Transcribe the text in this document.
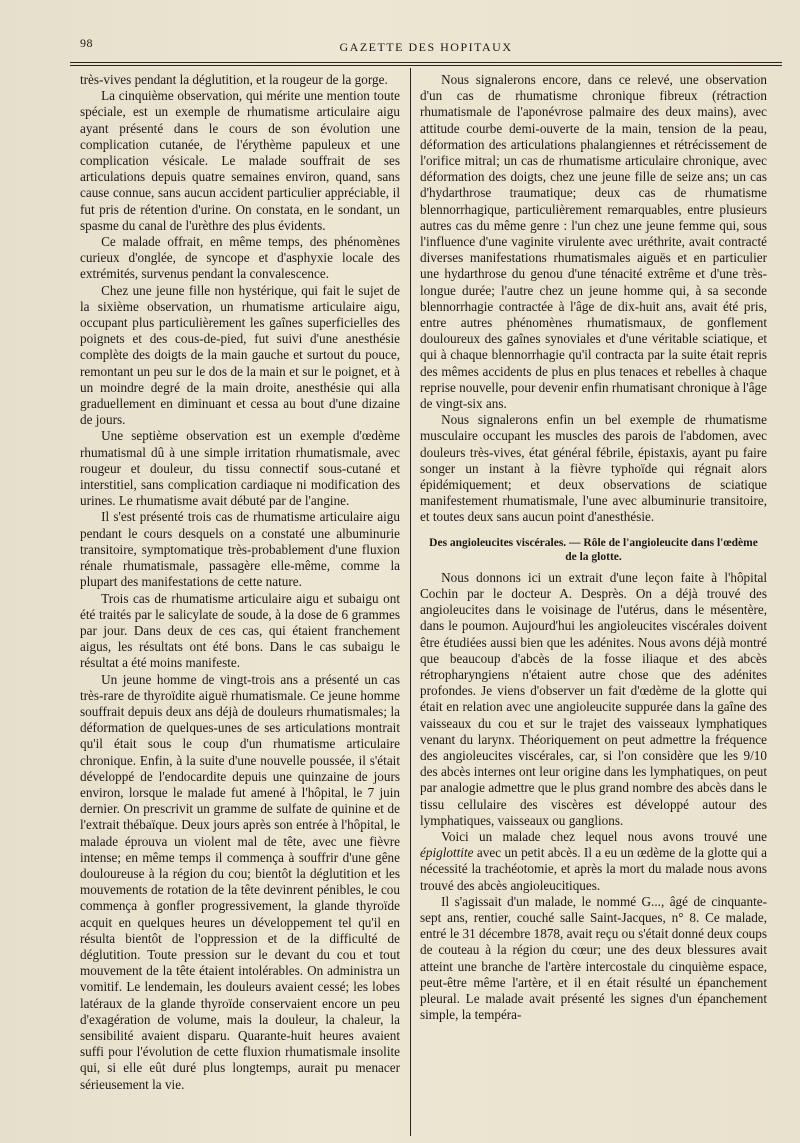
98	GAZETTE DES HOPITAUX

très-vives pendant la déglutition, et la rougeur de la gorge.

La cinquième observation, qui mérite une mention toute spéciale, est un exemple de rhumatisme articulaire aigu ayant présenté dans le cours de son évolution une complication cutanée, de l'érythème papuleux et une complication vésicale. Le malade souffrait de ses articulations depuis quatre semaines environ, quand, sans cause connue, sans aucun accident particulier appréciable, il fut pris de rétention d'urine. On constata, en le sondant, un spasme du canal de l'urèthre des plus évidents.

Ce malade offrait, en même temps, des phénomènes curieux d'onglée, de syncope et d'asphyxie locale des extrémités, survenus pendant la convalescence.

Chez une jeune fille non hystérique, qui fait le sujet de la sixième observation, un rhumatisme articulaire aigu, occupant plus particulièrement les gaînes superficielles des poignets et des cous-de-pied, fut suivi d'une anesthésie complète des doigts de la main gauche et surtout du pouce, remontant un peu sur le dos de la main et sur le poignet, et à un moindre degré de la main droite, anesthésie qui alla graduellement en diminuant et cessa au bout d'une dizaine de jours.

Une septième observation est un exemple d'œdème rhumatismal dû à une simple irritation rhumatismale, avec rougeur et douleur, du tissu connectif sous-cutané et interstitiel, sans complication cardiaque ni modification des urines. Le rhumatisme avait débuté par de l'angine.

Il s'est présenté trois cas de rhumatisme articulaire aigu pendant le cours desquels on a constaté une albuminurie transitoire, symptomatique très-probablement d'une fluxion rénale rhumatismale, passagère elle-même, comme la plupart des manifestations de cette nature.

Trois cas de rhumatisme articulaire aigu et subaigu ont été traités par le salicylate de soude, à la dose de 6 grammes par jour. Dans deux de ces cas, qui étaient franchement aigus, les résultats ont été bons. Dans le cas subaigu le résultat a été moins manifeste.

Un jeune homme de vingt-trois ans a présenté un cas très-rare de thyroïdite aiguë rhumatismale. Ce jeune homme souffrait depuis deux ans déjà de douleurs rhumatismales; la déformation de quelques-unes de ses articulations montrait qu'il était sous le coup d'un rhumatisme articulaire chronique. Enfin, à la suite d'une nouvelle poussée, il s'était développé de l'endocardite depuis une quinzaine de jours environ, lorsque le malade fut amené à l'hôpital, le 7 juin dernier. On prescrivit un gramme de sulfate de quinine et de l'extrait thébaïque. Deux jours après son entrée à l'hôpital, le malade éprouva un violent mal de tête, avec une fièvre intense; en même temps il commença à souffrir d'une gêne douloureuse à la région du cou; bientôt la déglutition et les mouvements de rotation de la tête devinrent pénibles, le cou commença à gonfler progressivement, la glande thyroïde acquit en quelques heures un développement tel qu'il en résulta bientôt de l'oppression et de la difficulté de déglutition. Toute pression sur le devant du cou et tout mouvement de la tête étaient intolérables. On administra un vomitif. Le lendemain, les douleurs avaient cessé; les lobes latéraux de la glande thyroïde conservaient encore un peu d'exagération de volume, mais la douleur, la chaleur, la sensibilité avaient disparu. Quarante-huit heures avaient suffi pour l'évolution de cette fluxion rhumatismale insolite qui, si elle eût duré plus longtemps, aurait pu menacer sérieusement la vie.

Nous signalerons encore, dans ce relevé, une observation d'un cas de rhumatisme chronique fibreux (rétraction rhumatismale de l'aponévrose palmaire des deux mains), avec attitude courbe demi-ouverte de la main, tension de la peau, déformation des articulations phalangiennes et rétrécissement de l'orifice mitral; un cas de rhumatisme articulaire chronique, avec déformation des doigts, chez une jeune fille de seize ans; un cas d'hydarthrose traumatique; deux cas de rhumatisme blennorrhagique, particulièrement remarquables, entre plusieurs autres cas du même genre : l'un chez une jeune femme qui, sous l'influence d'une vaginite virulente avec uréthrite, avait contracté diverses manifestations rhumatismales aiguës et en particulier une hydarthrose du genou d'une ténacité extrême et d'une très-longue durée; l'autre chez un jeune homme qui, à sa seconde blennorrhagie contractée à l'âge de dix-huit ans, avait été pris, entre autres phénomènes rhumatismaux, de gonflement douloureux des gaînes synoviales et d'une véritable sciatique, et qui à chaque blennorrhagie qu'il contracta par la suite était repris des mêmes accidents de plus en plus tenaces et rebelles à chaque reprise nouvelle, pour devenir enfin rhumatisant chronique à l'âge de vingt-six ans.

Nous signalerons enfin un bel exemple de rhumatisme musculaire occupant les muscles des parois de l'abdomen, avec douleurs très-vives, état général fébrile, épistaxis, ayant pu faire songer un instant à la fièvre typhoïde qui régnait alors épidémiquement; et deux observations de sciatique manifestement rhumatismale, l'une avec albuminurie transitoire, et toutes deux sans aucun point d'anesthésie.

Des angioleucites viscérales. — Rôle de l'angioleucite dans l'œdème de la glotte.

Nous donnons ici un extrait d'une leçon faite à l'hôpital Cochin par le docteur A. Desprès. On a déjà trouvé des angioleucites dans le voisinage de l'utérus, dans le mésentère, dans le poumon. Aujourd'hui les angioleucites viscérales doivent être étudiées aussi bien que les adénites. Nous avons déjà montré que beaucoup d'abcès de la fosse iliaque et des abcès rétropharyngiens n'étaient autre chose que des adénites profondes. Je viens d'observer un fait d'œdème de la glotte qui était en relation avec une angioleucite suppurée dans la gaîne des vaisseaux du cou et sur le trajet des vaisseaux lymphatiques venant du larynx. Théoriquement on peut admettre la fréquence des angioleucites viscérales, car, si l'on considère que les 9/10 des abcès internes ont leur origine dans les lymphatiques, on peut par analogie admettre que le plus grand nombre des abcès dans le tissu cellulaire des viscères est développé autour des lymphatiques, vaisseaux ou ganglions.

Voici un malade chez lequel nous avons trouvé une épiglottite avec un petit abcès. Il a eu un œdème de la glotte qui a nécessité la trachéotomie, et après la mort du malade nous avons trouvé des abcès angioleucitiques.

Il s'agissait d'un malade, le nommé G..., âgé de cinquante-sept ans, rentier, couché salle Saint-Jacques, n° 8. Ce malade, entré le 31 décembre 1878, avait reçu ou s'était donné deux coups de couteau à la région du cœur; une des deux blessures avait atteint une branche de l'artère intercostale du cinquième espace, peut-être même l'artère, et il en était résulté un épanchement pleural. Le malade avait présenté les signes d'un épanchement simple, la tempéra-
